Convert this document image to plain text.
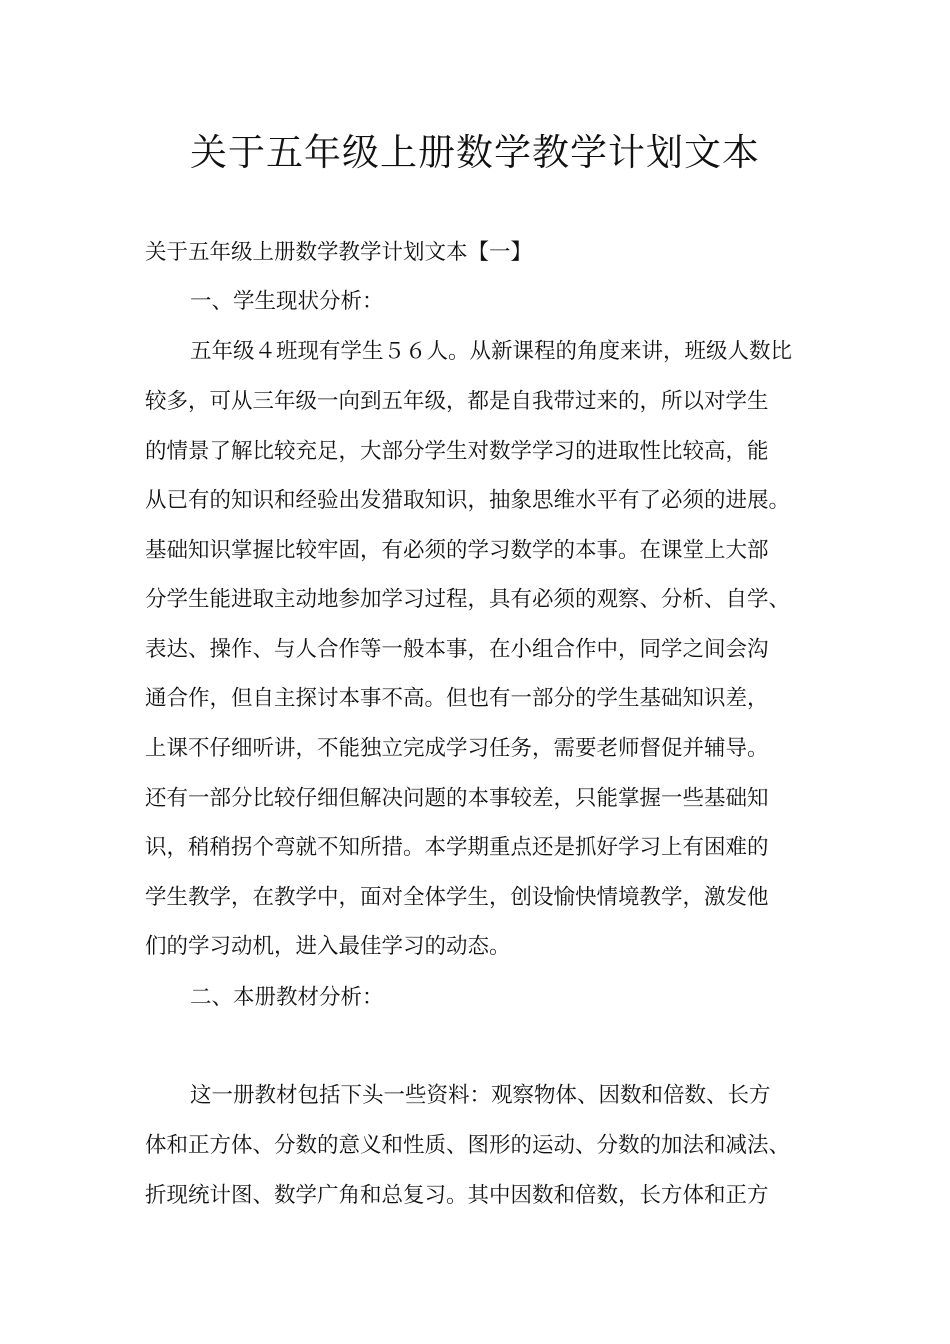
关于五年级上册数学教学计划文本
关于五年级上册数学教学计划文本【一】
一、学生现状分析：
五年级４班现有学生５６人。从新课程的角度来讲，班级人数比
较多，可从三年级一向到五年级，都是自我带过来的，所以对学生
的情景了解比较充足，大部分学生对数学学习的进取性比较高，能
从已有的知识和经验出发猎取知识，抽象思维水平有了必须的进展。
基础知识掌握比较牢固，有必须的学习数学的本事。在课堂上大部
分学生能进取主动地参加学习过程，具有必须的观察、分析、自学、
表达、操作、与人合作等一般本事，在小组合作中，同学之间会沟
通合作，但自主探讨本事不高。但也有一部分的学生基础知识差，
上课不仔细听讲，不能独立完成学习任务，需要老师督促并辅导。
还有一部分比较仔细但解决问题的本事较差，只能掌握一些基础知
识，稍稍拐个弯就不知所措。本学期重点还是抓好学习上有困难的
学生教学，在教学中，面对全体学生，创设愉快情境教学，激发他
们的学习动机，进入最佳学习的动态。
二、本册教材分析：
这一册教材包括下头一些资料：观察物体、因数和倍数、长方
体和正方体、分数的意义和性质、图形的运动、分数的加法和减法、
折现统计图、数学广角和总复习。其中因数和倍数，长方体和正方
